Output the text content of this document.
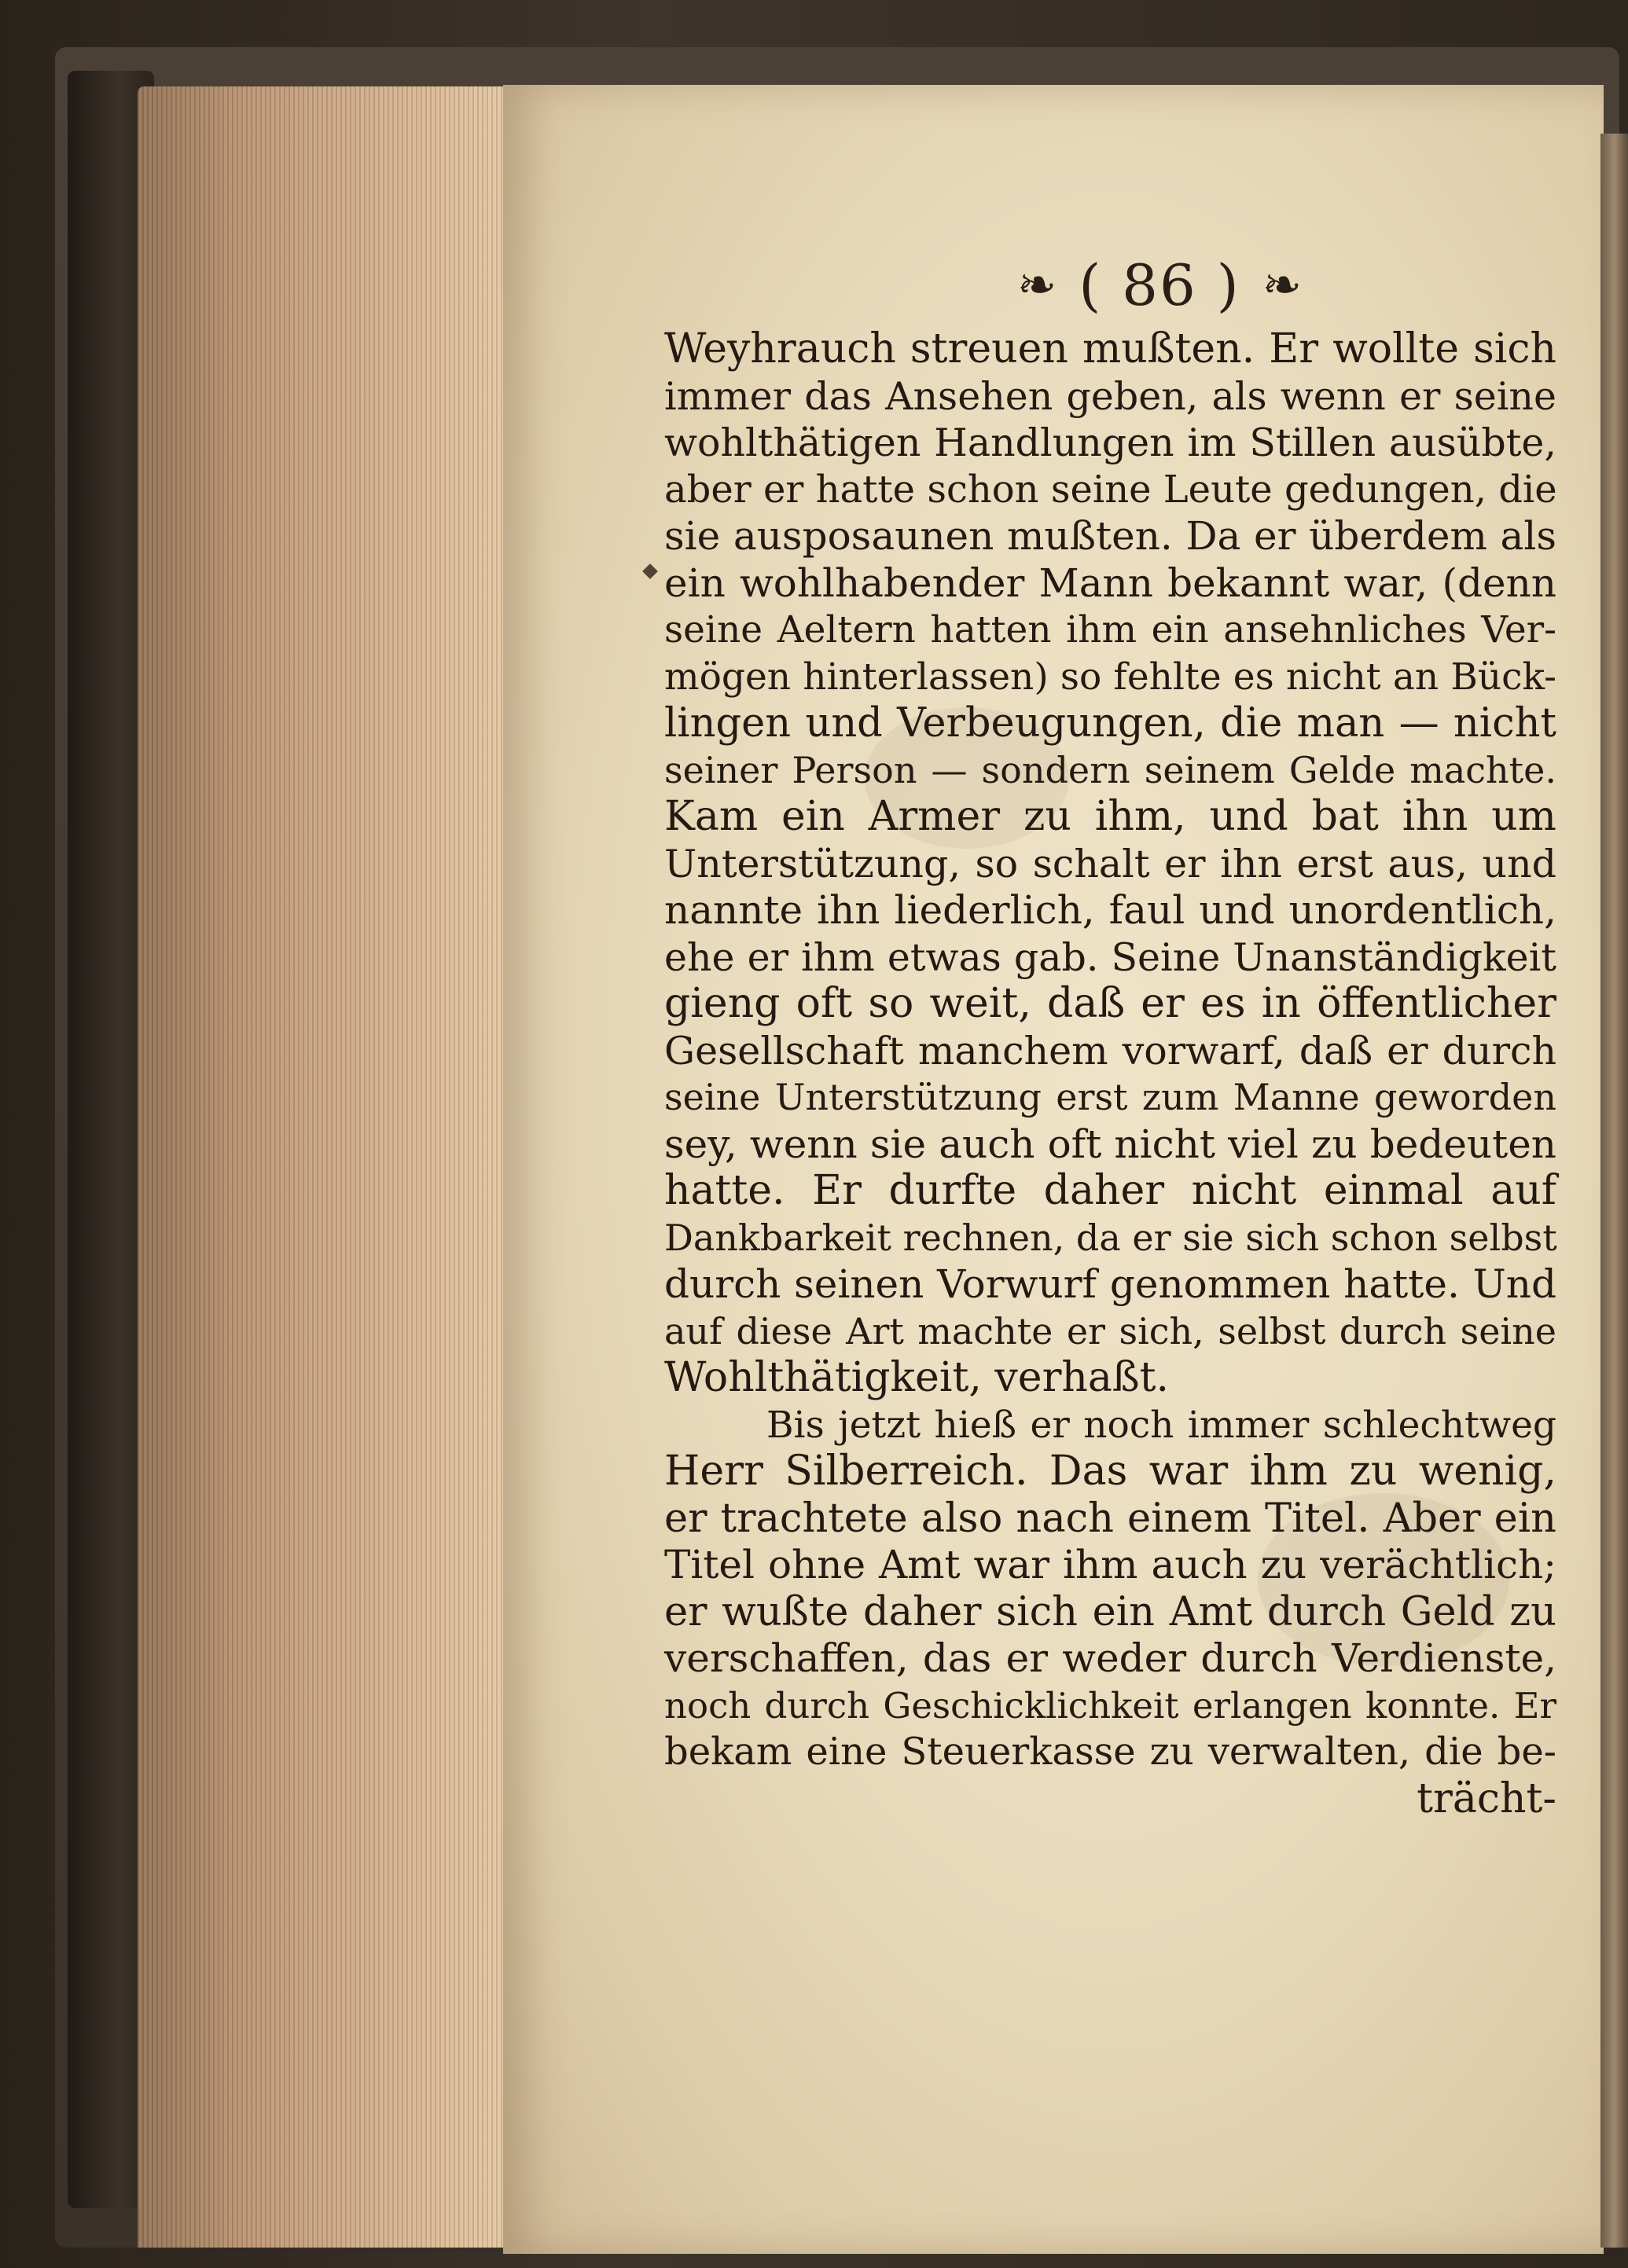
❧ ( 86 ) ❧
Weyhrauch streuen mußten. Er wollte sich
immer das Ansehen geben, als wenn er seine
wohlthätigen Handlungen im Stillen ausübte,
aber er hatte schon seine Leute gedungen, die
sie ausposaunen mußten. Da er überdem als
ein wohlhabender Mann bekannt war, (denn
seine Aeltern hatten ihm ein ansehnliches Ver-
mögen hinterlassen) so fehlte es nicht an Bück-
lingen und Verbeugungen, die man — nicht
seiner Person — sondern seinem Gelde machte.
Kam ein Armer zu ihm, und bat ihn um
Unterstützung, so schalt er ihn erst aus, und
nannte ihn liederlich, faul und unordentlich,
ehe er ihm etwas gab. Seine Unanständigkeit
gieng oft so weit, daß er es in öffentlicher
Gesellschaft manchem vorwarf, daß er durch
seine Unterstützung erst zum Manne geworden
sey, wenn sie auch oft nicht viel zu bedeuten
hatte. Er durfte daher nicht einmal auf
Dankbarkeit rechnen, da er sie sich schon selbst
durch seinen Vorwurf genommen hatte. Und
auf diese Art machte er sich, selbst durch seine
Wohlthätigkeit, verhaßt.
Bis jetzt hieß er noch immer schlechtweg
Herr Silberreich. Das war ihm zu wenig,
er trachtete also nach einem Titel. Aber ein
Titel ohne Amt war ihm auch zu verächtlich;
er wußte daher sich ein Amt durch Geld zu
verschaffen, das er weder durch Verdienste,
noch durch Geschicklichkeit erlangen konnte. Er
bekam eine Steuerkasse zu verwalten, die be-
trächt-
